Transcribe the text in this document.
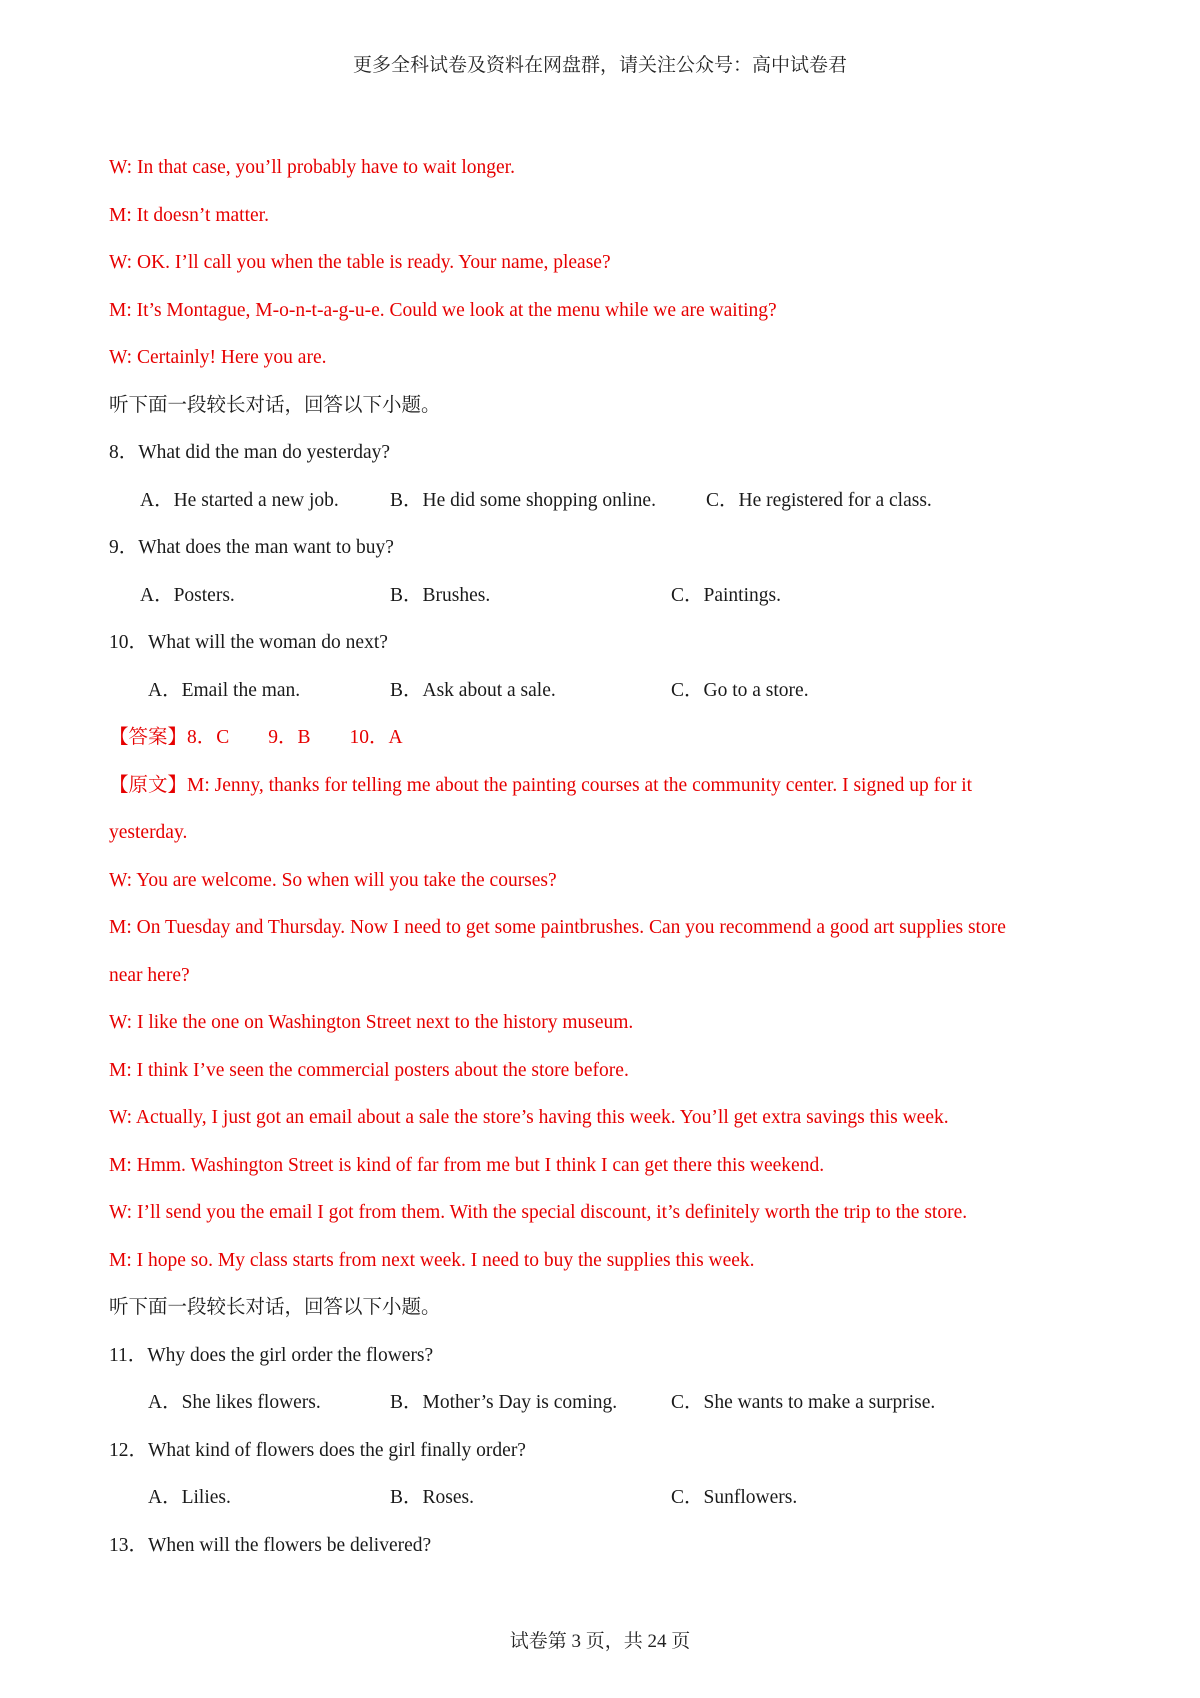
更多全科试卷及资料在网盘群，请关注公众号：高中试卷君
W: In that case, you’ll probably have to wait longer.
M: It doesn’t matter.
W: OK. I’ll call you when the table is ready. Your name, please?
M: It’s Montague, M-o-n-t-a-g-u-e. Could we look at the menu while we are waiting?
W: Certainly! Here you are.
听下面一段较长对话，回答以下小题。
8．What did the man do yesterday?
A．He started a new job.	B．He did some shopping online.	C．He registered for a class.
9．What does the man want to buy?
A．Posters.	B．Brushes.	C．Paintings.
10．What will the woman do next?
A．Email the man.	B．Ask about a sale.	C．Go to a store.
【答案】8．C　　9．B　　10．A
【原文】M: Jenny, thanks for telling me about the painting courses at the community center. I signed up for it
yesterday.
W: You are welcome. So when will you take the courses?
M: On Tuesday and Thursday. Now I need to get some paintbrushes. Can you recommend a good art supplies store
near here?
W: I like the one on Washington Street next to the history museum.
M: I think I’ve seen the commercial posters about the store before.
W: Actually, I just got an email about a sale the store’s having this week. You’ll get extra savings this week.
M: Hmm. Washington Street is kind of far from me but I think I can get there this weekend.
W: I’ll send you the email I got from them. With the special discount, it’s definitely worth the trip to the store.
M: I hope so. My class starts from next week. I need to buy the supplies this week.
听下面一段较长对话，回答以下小题。
11．Why does the girl order the flowers?
A．She likes flowers.	B．Mother’s Day is coming.	C．She wants to make a surprise.
12．What kind of flowers does the girl finally order?
A．Lilies.	B．Roses.	C．Sunflowers.
13．When will the flowers be delivered?
试卷第 3 页，共 24 页
